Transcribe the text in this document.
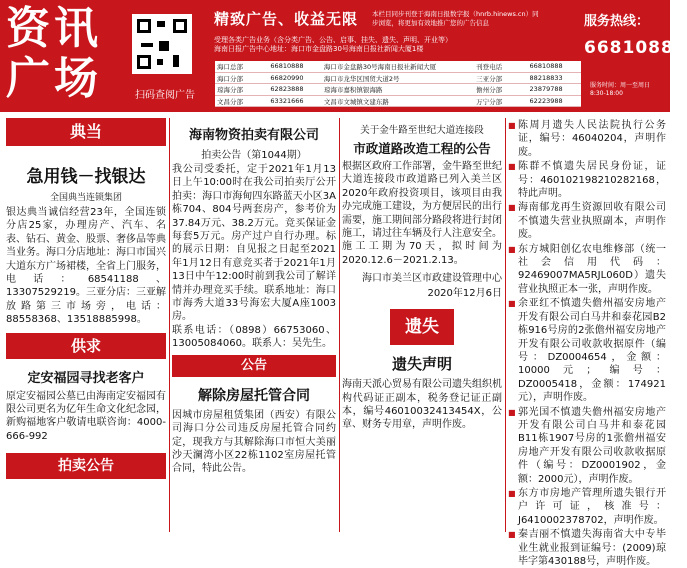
资讯广场	扫码查阅广告
精致广告、收益无限 本栏目同步刊登于海南日报数字报（hnrb.hinews.cn）同步浏览，将更加有效地推广您的广告信息	服务热线：
66810888
服务时间：周一至周日 8:30-18:00
受理各类广告业务（含分类广告、公告、启事、挂失、遗失、声明、开业等）
海南日报广告中心地址：海口市金盘路30号海南日报社新闻大厦1楼
海口总部	66810888	海口市金盘路30号海南日报社新闻大厦	刊登电话	66810888
海口分部	66820990	海口市龙华区国贸大道2号	三亚分部	88218833
琼海分部	62823888	琼海市嘉积镇银海路	儋州分部	23879788
文昌分部	63321666	文昌市文城镇文建东路	万宁分部	62223988
典当
急用钱－找银达
全国典当连锁集团
银达典当诚信经营23年，全国连锁分店25家，办理房产、汽车、名表、钻石、黄金、股票、奢侈品等典当业务。海口分店地址：海口市国兴大道东方广场裙楼，全省上门服务，电话：68541188、13307529219。三亚分店：三亚解放路第三市场旁，电话：88558368、13518885998。
供求
定安福园寻找老客户
原定安福园公墓已由海南定安福园有限公司更名为亿年生命文化纪念园，新购福地客户敬请电联咨询：4000-666-992
拍卖公告
海南物资拍卖有限公司
拍卖公告（第1044期）
我公司受委托，定于2021年1月13日上午10:00时在我公司拍卖厅公开拍卖：海口市海甸四东路蓝天小区3A栋704、804号两套房产，参考价为37.84万元、38.2万元。竞买保证金每套5万元。房产过户自行办理。标的展示日期：自见报之日起至2021年1月12日有意竞买者于2021年1月13日中午12:00时前到我公司了解详情并办理竞买手续。联系地址：海口市海秀大道33号海宏大厦A座1003房。
联系电话：（0898）66753060、13005084060。联系人：吴先生。
公告
解除房屋托管合同
因城市房屋租赁集团（西安）有限公司海口分公司违反房屋托管合同约定，现我方与其解除海口市恒大美丽沙天澜湾小区22栋1102室房屋托管合同，特此公告。
关于金牛路至世纪大道连接段
市政道路改造工程的公告
根据区政府工作部署，金牛路至世纪大道连接段市政道路已列入美兰区2020年政府投资项目，该项目由我办完成施工建设，为方便居民的出行需要，施工期间部分路段将进行封闭施工，请过往车辆及行人注意安全。施工工期为70天，拟时间为2020.12.6－2021.2.13。
海口市美兰区市政建设管理中心
2020年12月6日
遗失
遗失声明
海南天派心贸易有限公司遗失组织机构代码证正副本，税务登记证正副本，编号46010032413454X，公章、财务专用章，声明作废。
■ 陈周月遗失人民法院执行公务证，编号：46040204，声明作废。
■ 陈群不慎遗失居民身份证，证号：460102198210282168，特此声明。
■ 海南郁龙再生资源回收有限公司不慎遗失营业执照副本，声明作废。
■ 东方城阳创亿农电维修部（统一社会信用代码：92469007MA5RJL060D）遗失营业执照正本一张，声明作废。
■ 余亚红不慎遗失儋州福安房地产开发有限公司白马井和泰花园B2栋916号房的2张儋州福安房地产开发有限公司收款收据原件（编号：DZ0004654，金额：10000元；编号：DZ0005418，金额：174921元），声明作废。
■ 郭光国不慎遗失儋州福安房地产开发有限公司白马井和泰花园B11栋1907号房的1张儋州福安房地产开发有限公司收款收据原件（编号：DZ0001902，金额：2000元），声明作废。
■ 东方市房地产管理所遗失银行开户许可证，核准号：J6410002378702，声明作废。
■ 秦吉丽不慎遗失海南省大中专毕业生就业报到证编号：(2009)琼毕字第430188号，声明作废。
